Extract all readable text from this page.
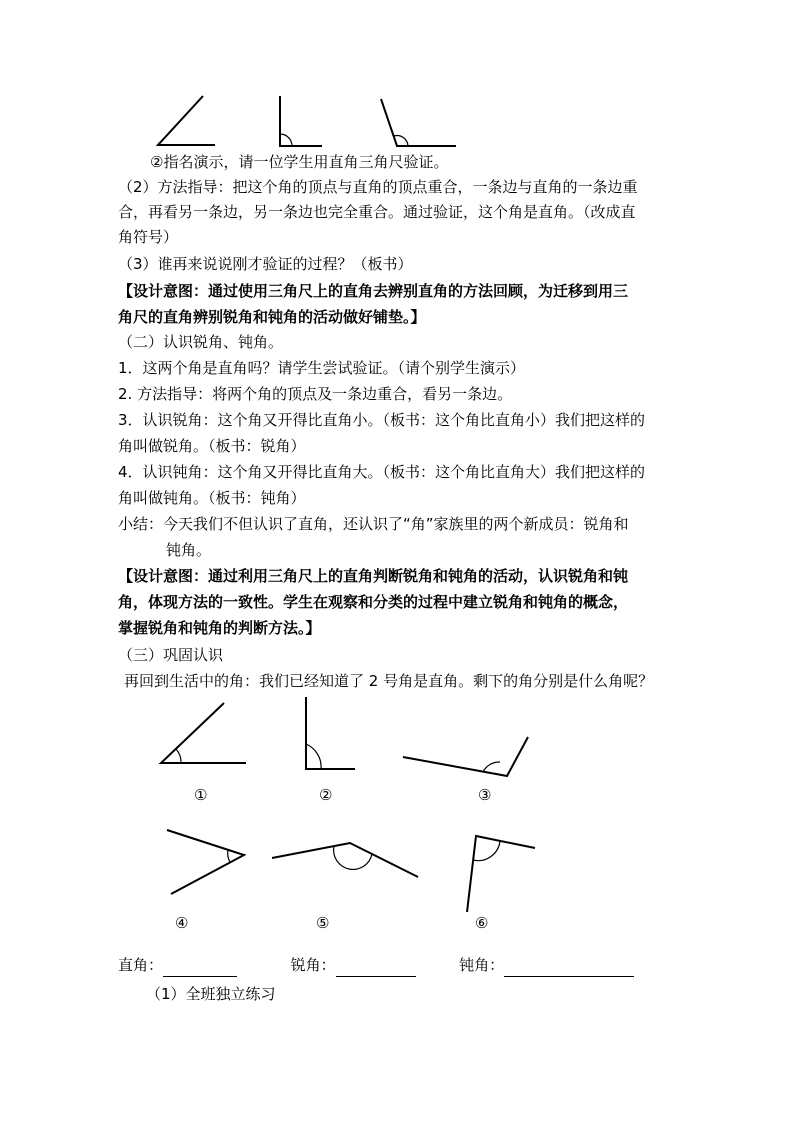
②指名演示，请一位学生用直角三角尺验证。
（2）方法指导：把这个角的顶点与直角的顶点重合，一条边与直角的一条边重
合，再看另一条边，另一条边也完全重合。通过验证，这个角是直角。（改成直
角符号）
（3）谁再来说说刚才验证的过程？（板书）
【设计意图：通过使用三角尺上的直角去辨别直角的方法回顾，为迁移到用三
角尺的直角辨别锐角和钝角的活动做好铺垫。】
（二）认识锐角、钝角。
1．这两个角是直角吗？请学生尝试验证。（请个别学生演示）
2. 方法指导：将两个角的顶点及一条边重合，看另一条边。
3．认识锐角：这个角又开得比直角小。（板书：这个角比直角小）我们把这样的
角叫做锐角。（板书：锐角）
4．认识钝角：这个角又开得比直角大。（板书：这个角比直角大）我们把这样的
角叫做钝角。（板书：钝角）
小结：今天我们不但认识了直角，还认识了“角”家族里的两个新成员：锐角和
钝角。
【设计意图：通过利用三角尺上的直角判断锐角和钝角的活动，认识锐角和钝
角，体现方法的一致性。学生在观察和分类的过程中建立锐角和钝角的概念，
掌握锐角和钝角的判断方法。】
（三）巩固认识
再回到生活中的角：我们已经知道了 2 号角是直角。剩下的角分别是什么角呢？
①	②	③
④	⑤	⑥
直角：	锐角：	钝角：
（1）全班独立练习
